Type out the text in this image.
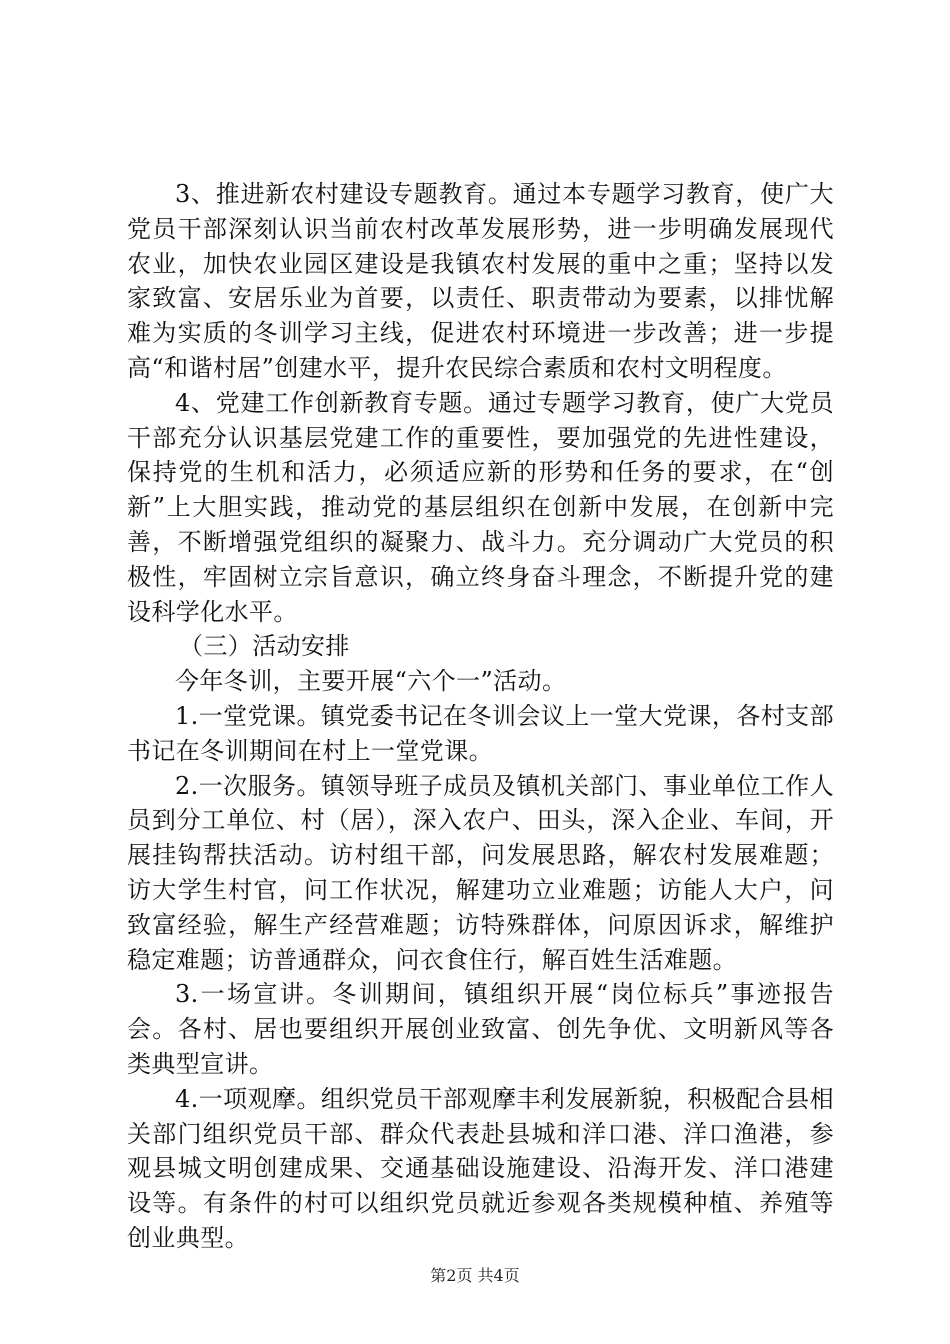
3、推进新农村建设专题教育。通过本专题学习教育，使广大党员干部深刻认识当前农村改革发展形势，进一步明确发展现代农业，加快农业园区建设是我镇农村发展的重中之重；坚持以发家致富、安居乐业为首要，以责任、职责带动为要素，以排忧解难为实质的冬训学习主线，促进农村环境进一步改善；进一步提高“和谐村居”创建水平，提升农民综合素质和农村文明程度。

4、党建工作创新教育专题。通过专题学习教育，使广大党员干部充分认识基层党建工作的重要性，要加强党的先进性建设，保持党的生机和活力，必须适应新的形势和任务的要求，在“创新”上大胆实践，推动党的基层组织在创新中发展，在创新中完善，不断增强党组织的凝聚力、战斗力。充分调动广大党员的积极性，牢固树立宗旨意识，确立终身奋斗理念，不断提升党的建设科学化水平。

（三）活动安排

今年冬训，主要开展“六个一”活动。

1.一堂党课。镇党委书记在冬训会议上一堂大党课，各村支部书记在冬训期间在村上一堂党课。

2.一次服务。镇领导班子成员及镇机关部门、事业单位工作人员到分工单位、村（居），深入农户、田头，深入企业、车间，开展挂钩帮扶活动。访村组干部，问发展思路，解农村发展难题；访大学生村官，问工作状况，解建功立业难题；访能人大户，问致富经验，解生产经营难题；访特殊群体，问原因诉求，解维护稳定难题；访普通群众，问衣食住行，解百姓生活难题。

3.一场宣讲。冬训期间，镇组织开展“岗位标兵”事迹报告会。各村、居也要组织开展创业致富、创先争优、文明新风等各类典型宣讲。

4.一项观摩。组织党员干部观摩丰利发展新貌，积极配合县相关部门组织党员干部、群众代表赴县城和洋口港、洋口渔港，参观县城文明创建成果、交通基础设施建设、沿海开发、洋口港建设等。有条件的村可以组织党员就近参观各类规模种植、养殖等创业典型。

第2页 共4页
